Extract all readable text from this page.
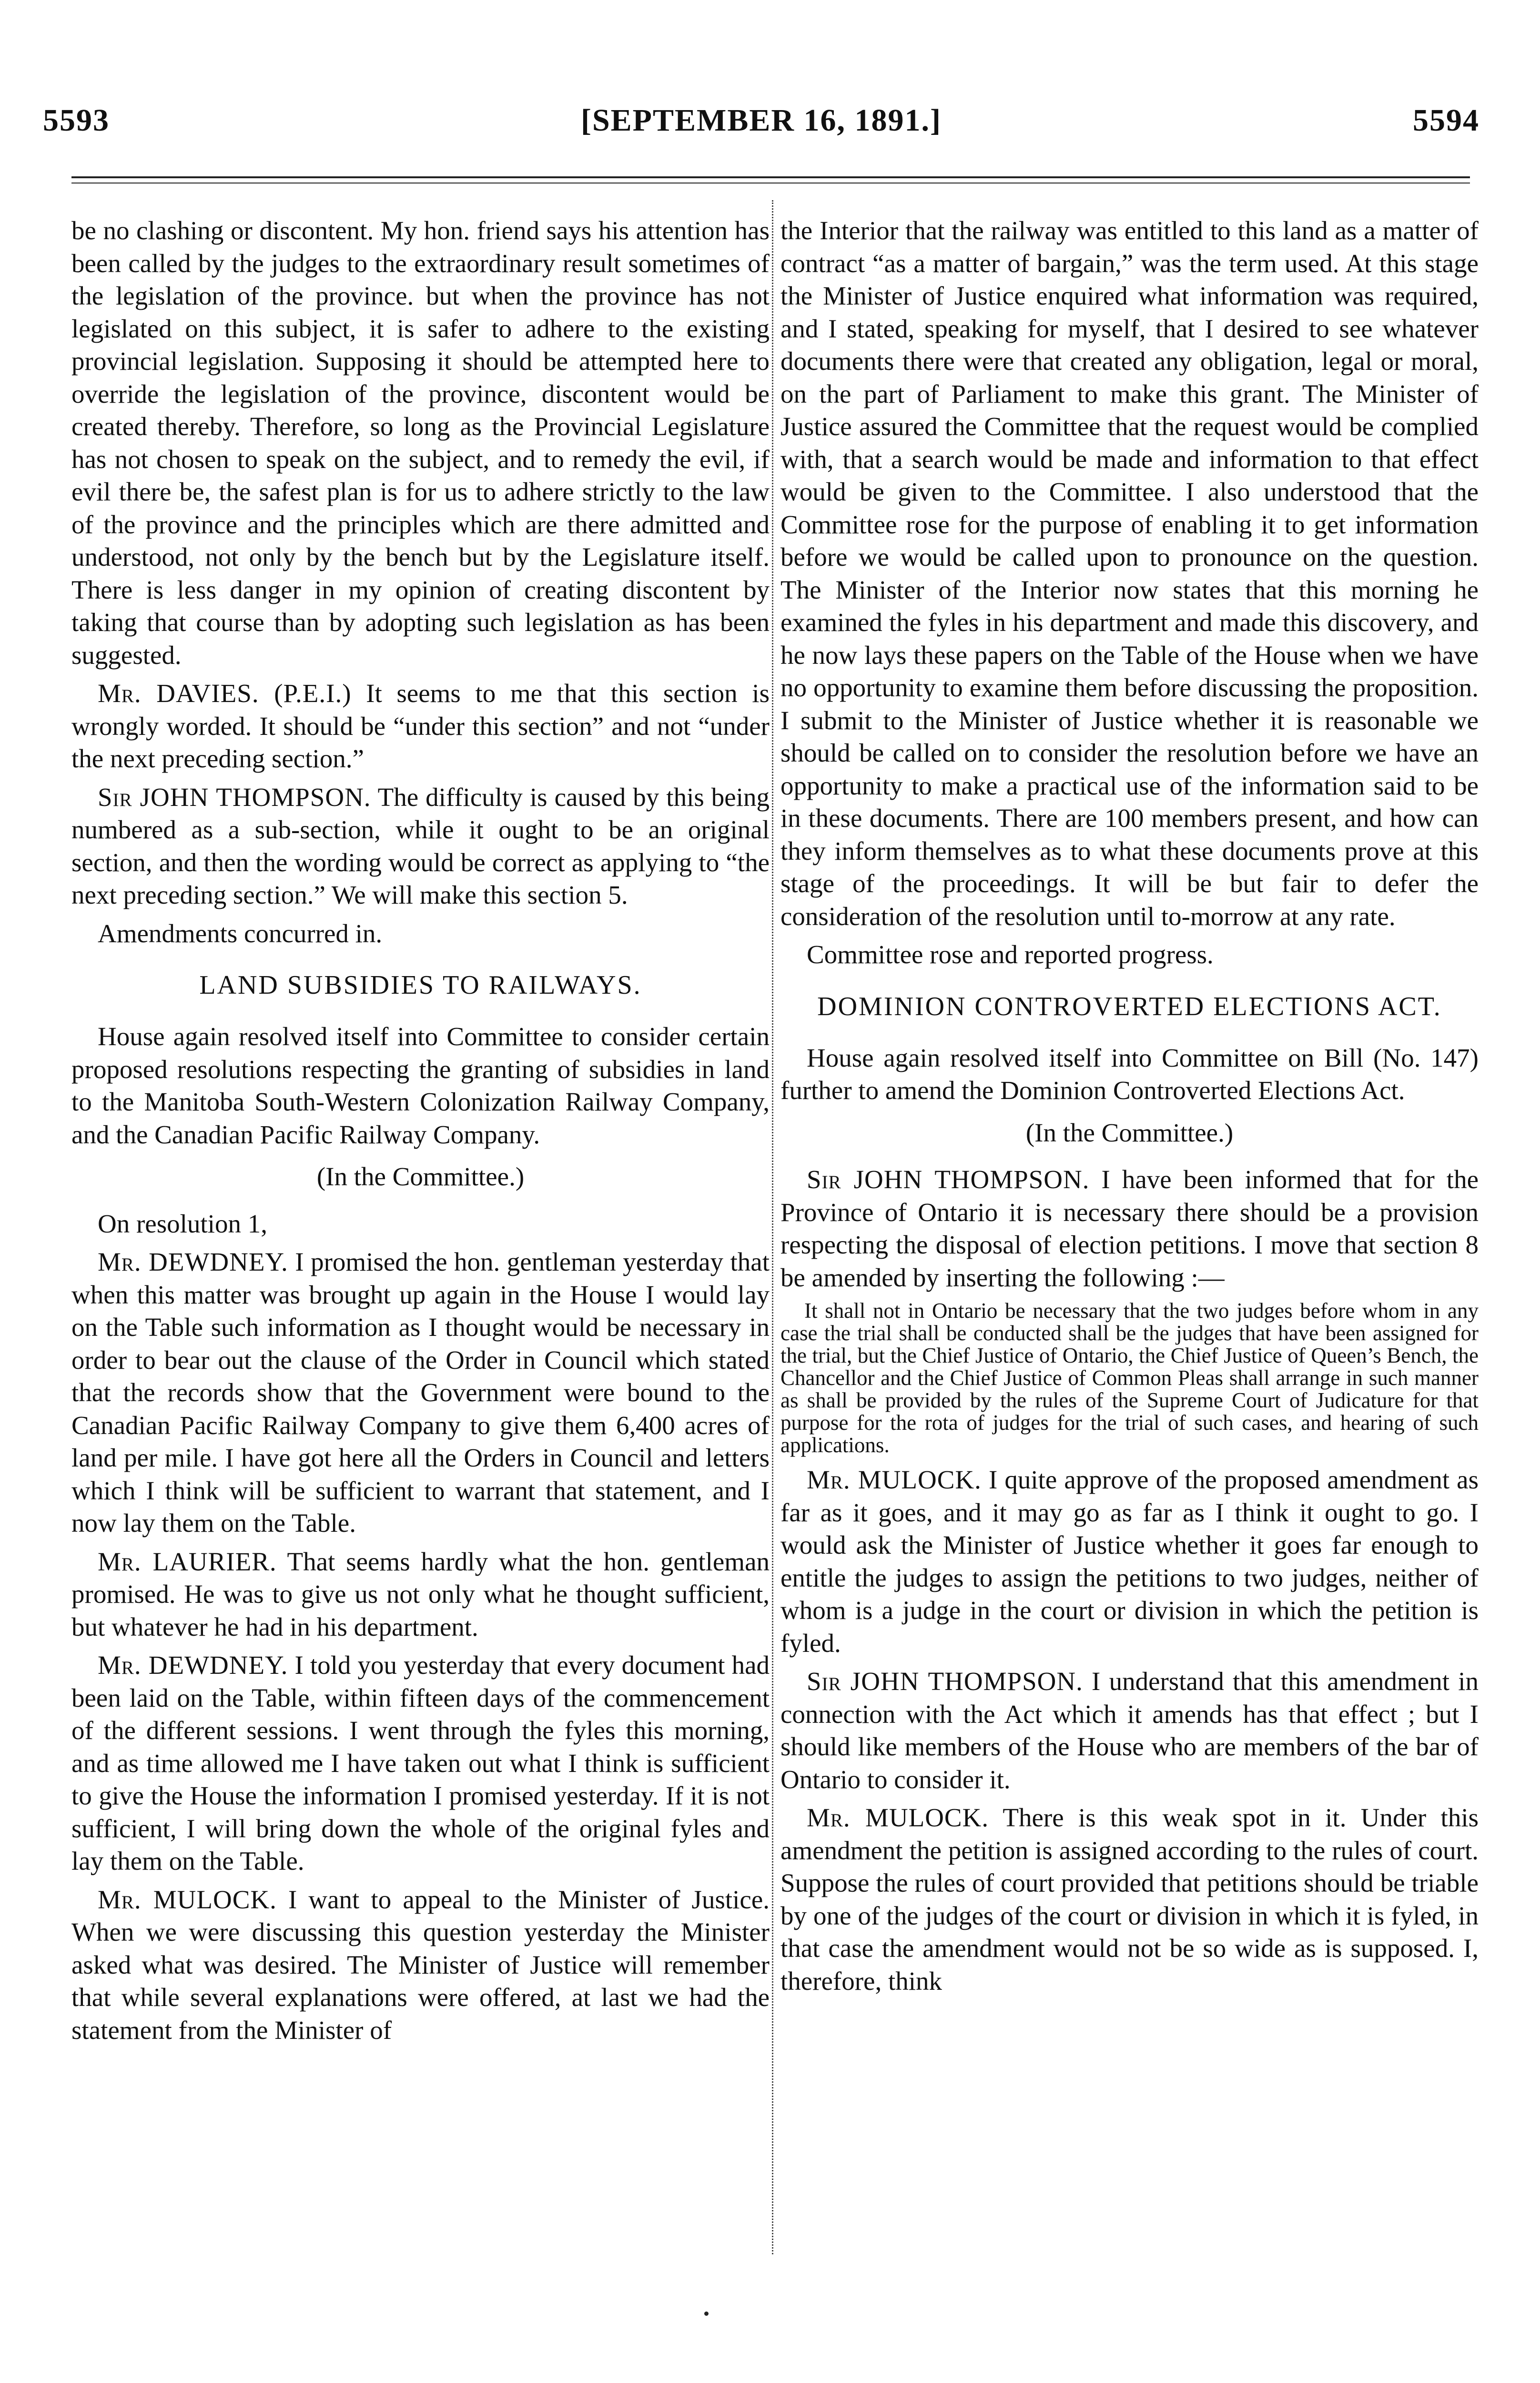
5593	[SEPTEMBER 16, 1891.]	5594

be no clashing or discontent. My hon. friend says his attention has been called by the judges to the extraordinary result sometimes of the legislation of the province. but when the province has not legislated on this subject, it is safer to adhere to the existing provincial legislation. Supposing it should be attempted here to override the legislation of the province, discontent would be created thereby. Therefore, so long as the Provincial Legislature has not chosen to speak on the subject, and to remedy the evil, if evil there be, the safest plan is for us to adhere strictly to the law of the province and the principles which are there admitted and understood, not only by the bench but by the Legislature itself. There is less danger in my opinion of creating discontent by taking that course than by adopting such legislation as has been suggested.

Mr. DAVIES. (P.E.I.) It seems to me that this section is wrongly worded. It should be “under this section” and not “under the next preceding section.”

Sir JOHN THOMPSON. The difficulty is caused by this being numbered as a sub-section, while it ought to be an original section, and then the wording would be correct as applying to “the next preceding section.” We will make this section 5.

Amendments concurred in.

LAND SUBSIDIES TO RAILWAYS.

House again resolved itself into Committee to consider certain proposed resolutions respecting the granting of subsidies in land to the Manitoba South-Western Colonization Railway Company, and the Canadian Pacific Railway Company.

(In the Committee.)

On resolution 1,

Mr. DEWDNEY. I promised the hon. gentleman yesterday that when this matter was brought up again in the House I would lay on the Table such information as I thought would be necessary in order to bear out the clause of the Order in Council which stated that the records show that the Government were bound to the Canadian Pacific Railway Company to give them 6,400 acres of land per mile. I have got here all the Orders in Council and letters which I think will be sufficient to warrant that statement, and I now lay them on the Table.

Mr. LAURIER. That seems hardly what the hon. gentleman promised. He was to give us not only what he thought sufficient, but whatever he had in his department.

Mr. DEWDNEY. I told you yesterday that every document had been laid on the Table, within fifteen days of the commencement of the different sessions. I went through the fyles this morning, and as time allowed me I have taken out what I think is sufficient to give the House the information I promised yesterday. If it is not sufficient, I will bring down the whole of the original fyles and lay them on the Table.

Mr. MULOCK. I want to appeal to the Minister of Justice. When we were discussing this question yesterday the Minister asked what was desired. The Minister of Justice will remember that while several explanations were offered, at last we had the statement from the Minister of

the Interior that the railway was entitled to this land as a matter of contract “as a matter of bargain,” was the term used. At this stage the Minister of Justice enquired what information was required, and I stated, speaking for myself, that I desired to see whatever documents there were that created any obligation, legal or moral, on the part of Parliament to make this grant. The Minister of Justice assured the Committee that the request would be complied with, that a search would be made and information to that effect would be given to the Committee. I also understood that the Committee rose for the purpose of enabling it to get information before we would be called upon to pronounce on the question. The Minister of the Interior now states that this morning he examined the fyles in his department and made this discovery, and he now lays these papers on the Table of the House when we have no opportunity to examine them before discussing the proposition. I submit to the Minister of Justice whether it is reasonable we should be called on to consider the resolution before we have an opportunity to make a practical use of the information said to be in these documents. There are 100 members present, and how can they inform themselves as to what these documents prove at this stage of the proceedings. It will be but fair to defer the consideration of the resolution until to-morrow at any rate.

Committee rose and reported progress.

DOMINION CONTROVERTED ELECTIONS ACT.

House again resolved itself into Committee on Bill (No. 147) further to amend the Dominion Controverted Elections Act.

(In the Committee.)

Sir JOHN THOMPSON. I have been informed that for the Province of Ontario it is necessary there should be a provision respecting the disposal of election petitions. I move that section 8 be amended by inserting the following :—

It shall not in Ontario be necessary that the two judges before whom in any case the trial shall be conducted shall be the judges that have been assigned for the trial, but the Chief Justice of Ontario, the Chief Justice of Queen’s Bench, the Chancellor and the Chief Justice of Common Pleas shall arrange in such manner as shall be provided by the rules of the Supreme Court of Judicature for that purpose for the rota of judges for the trial of such cases, and hearing of such applications.

Mr. MULOCK. I quite approve of the proposed amendment as far as it goes, and it may go as far as I think it ought to go. I would ask the Minister of Justice whether it goes far enough to entitle the judges to assign the petitions to two judges, neither of whom is a judge in the court or division in which the petition is fyled.

Sir JOHN THOMPSON. I understand that this amendment in connection with the Act which it amends has that effect ; but I should like members of the House who are members of the bar of Ontario to consider it.

Mr. MULOCK. There is this weak spot in it. Under this amendment the petition is assigned according to the rules of court. Suppose the rules of court provided that petitions should be triable by one of the judges of the court or division in which it is fyled, in that case the amendment would not be so wide as is supposed. I, therefore, think
